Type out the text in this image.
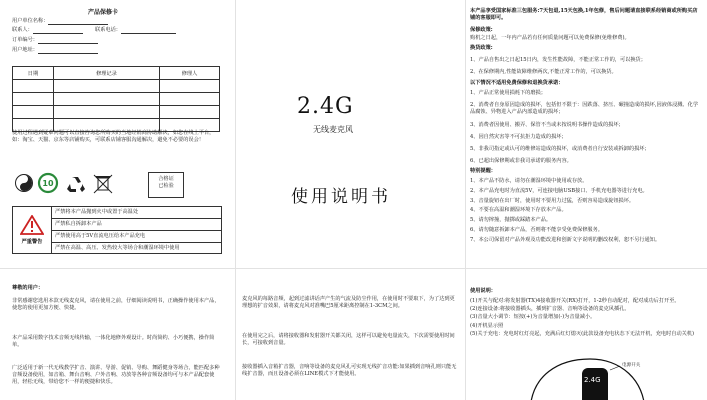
产品保修卡
用户单位名称：
联系人：	联系电话：
订单编号：
用户地址：
日期	修理记录	修理人

使用过程遇到疑难问题可以直接咨询您所购买的当地经销商协助解决，如您在线上平台，如：淘宝、天猫、京东等店铺购买，可联系店铺客服沟通解决，避免不必要的误会！
10	合格证
已检验
严重警告
严禁将本产品抛到火中或置于高温处
严禁私自拆卸本产品
严禁使用高于5V直流电压给本产品充电
严禁在高温、高压、发热较大等场合和潮湿环境中使用
2.4G
无线麦克风
使用说明书
本产品享受国家标准三包服务:7天包退,15天包换,1年包修，售后问题请直接联系经销商或所购买店铺的客服即可。
保修政策:
购机之日起，一年内产品若有任何质量问题可以免费保修(免维修费)。
换货政策:
1、产品自售出之日起15日内，发生性能故障，不能正常工作的，可以换货；
2、在保修期内,性能故障维修两次,不能正常工作的，可以换货。
以下情况不适用免费保修和退换货承诺：
1、产品正常使用损耗下的磨损；
2、消费者自身原因造成的损坏，包括但不限于：因跌落、挤压、碾撞造成的损坏,因液体浸溅、化学品腐蚀、异物进入产品内部造成的损坏；
3、消费者因使用、搬弄、保管不当或未按说明书操作造成的损坏；
4、因自然灾害等不可抗拒力造成的损坏；
5、非我司指定或认可的维修站造成的损坏，或消费者自行安装或拆卸的损坏；
6、已超出保修期或非我司承诺的服务内容。
特别提醒：
1、本产品不防水，请勿在潮湿环境中使用或存放。
2、本产品充电时为直流5V，可连接电脑USB接口、手机充电器等进行充电。
3、音量旋钮在出厂时，使用时不要用力过猛，否则容易造成旋钮损坏。
4、不要在高温和潮湿环境下存放本产品。
5、请勿摔撞，抛掷或踩踏本产品。
6、请勿随意拆卸本产品，否则将不能享受免费保修服务。
7、本公司保留对产品外观及功能改进和创新文字说明的删改权利，恕不另行通知。
尊敬的用户：
非常感谢您选用本款无线麦克风，请在使用之前，仔细阅读说明书，正确操作使用本产品，使您的使用更加方便、快捷。
本产品采用数字技术音频无线传输，一体化地修外观设计。时尚简约、小巧便携，操作简单。
广泛适用于新一代无线教学扩音、演讲、导游、促销、导购、舞蹈健身等场合，能匹配多种音频设备使用，如音箱、舞台音响、户外音响、功放等各种音频设备均可与本产品配套使用，轻松无线，带给您不一样的便捷和快乐。
麦克风的每路音频，起到过滤讲话声产生的气流及防尘作用，在使用时不要取下，为了达到更理想的扩音效果，请将麦克风对准嘴巴5厘米距离控制在1-3CM之间。
在使用完之后，请将接收器和发射器开关都关闭，这样可以避免电量流失，下次需要使用时间长，可接收到音量。
接收器插入音箱扩音器，音响等设备的麦克风孔可实现无线扩音功能:如果插到音响孔则只能无线扩音器，而且设备必须在LINE模式下才能使用。
使用说明：
(1)开关与配对:将发射器(TX)4接收器开关(RX)打开，1-2秒自动配对，配对成功后打开至。
(2)连接设备:将接收器插头，插到扩音器、音响等设备的麦克风插孔。
(3)音量大小调节：短按(+)为音量增加(-)为音量减小。
(4)开机显示照
(5)关于充电：充电时红灯亮起，充满后红灯熄灭(此款设备充电状态下无法开机，充电时自动关机)
2.4G
电源开关
